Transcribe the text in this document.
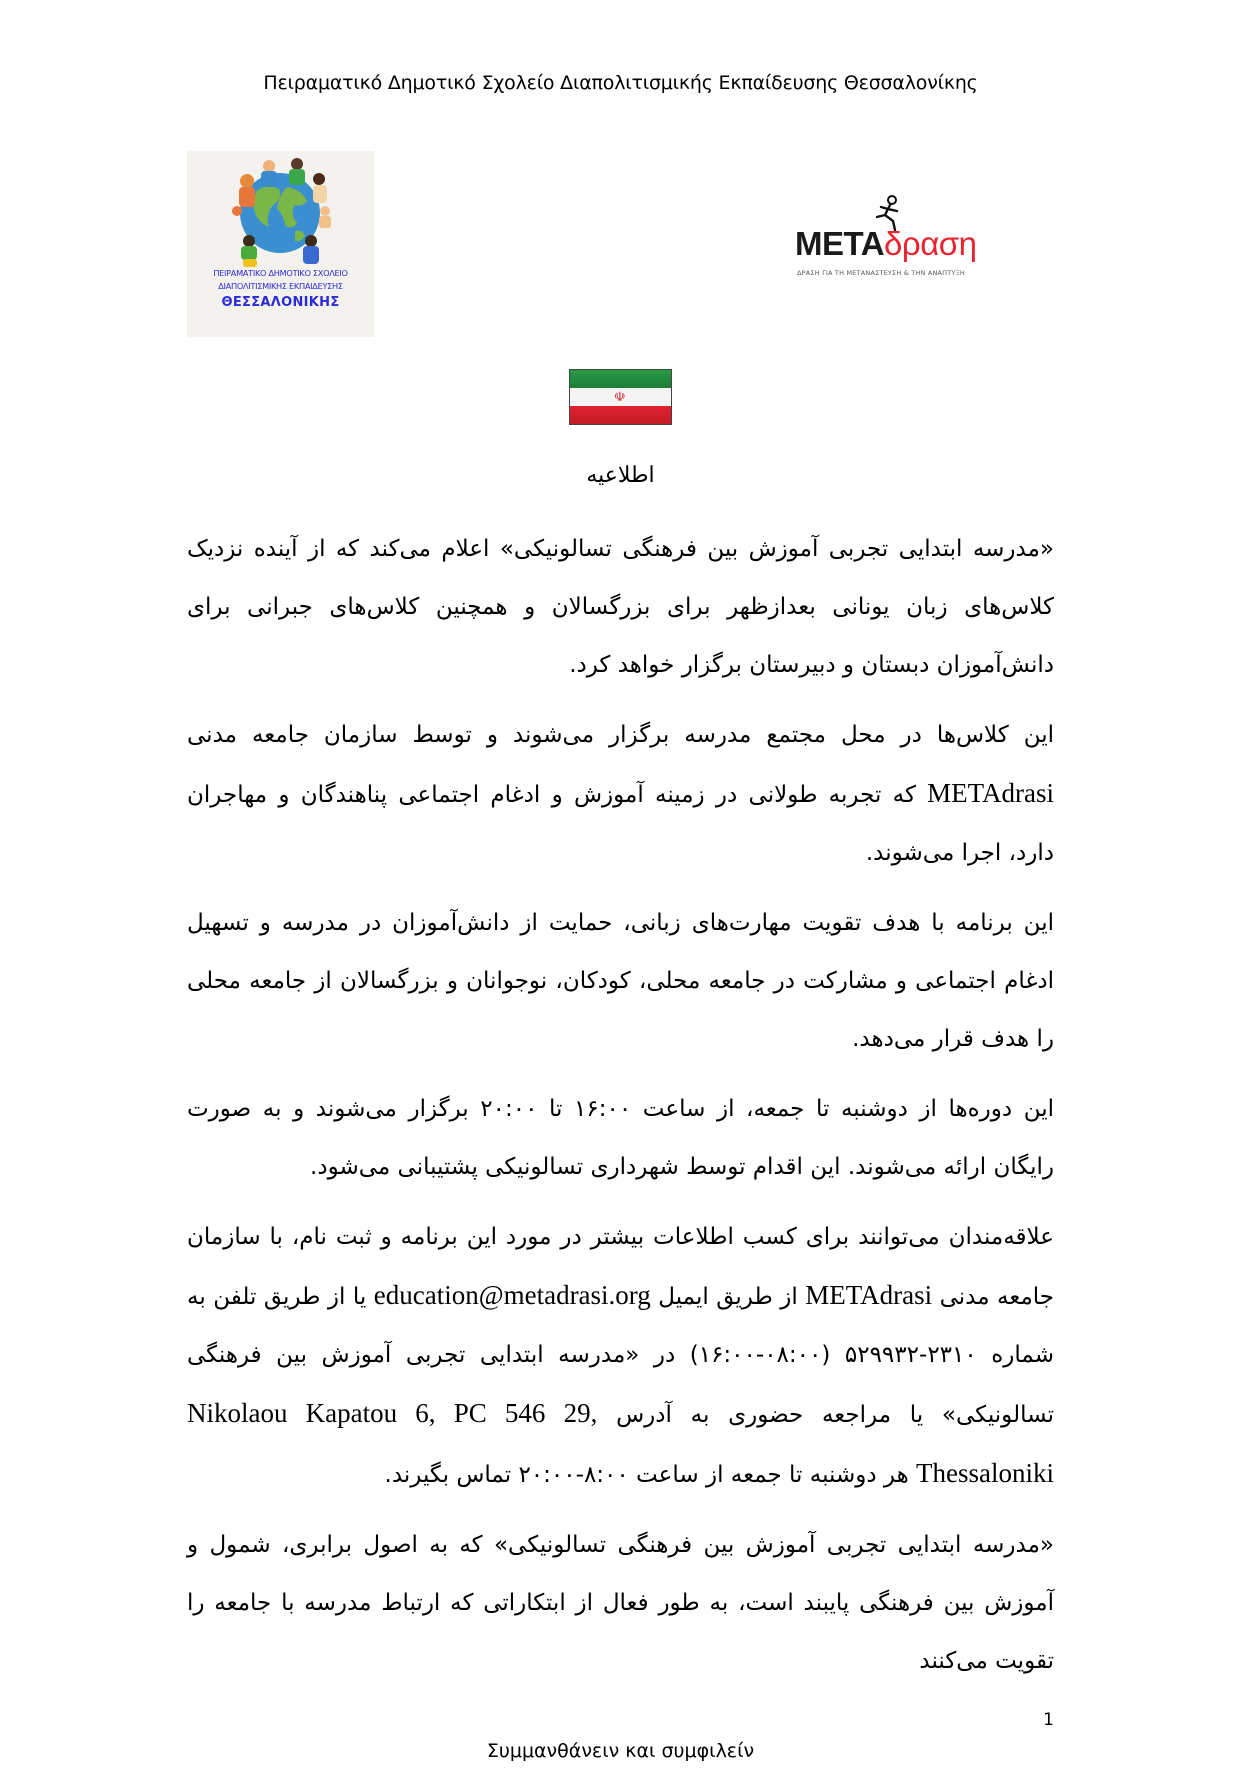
Πειραματικό Δημοτικό Σχολείο Διαπολιτισμικής Εκπαίδευσης Θεσσαλονίκης
ΠΕΙΡΑΜΑΤΙΚΟ ΔΗΜΟΤΙΚΟ ΣΧΟΛΕΙΟ
ΔΙΑΠΟΛΙΤΙΣΜΙΚΗΣ ΕΚΠΑΙΔΕΥΣΗΣ
ΘΕΣΣΑΛΟΝΙΚΗΣ
METAδραση
ΔΡΑΣΗ ΓΙΑ ΤΗ ΜΕΤΑΝΑΣΤΕΥΣΗ & ΤΗΝ ΑΝΑΠΤΥΞΗ
☫
اطلاعیه

«مدرسه ابتدایی تجربی آموزش بین فرهنگی تسالونیکی» اعلام می‌کند که از آینده نزدیک کلاس‌های زبان یونانی بعدازظهر برای بزرگسالان و همچنین کلاس‌های جبرانی برای دانش‌آموزان دبستان و دبیرستان برگزار خواهد کرد.

این کلاس‌ها در محل مجتمع مدرسه برگزار می‌شوند و توسط سازمان جامعه مدنی METAdrasi که تجربه طولانی در زمینه آموزش و ادغام اجتماعی پناهندگان و مهاجران دارد، اجرا می‌شوند.

این برنامه با هدف تقویت مهارت‌های زبانی، حمایت از دانش‌آموزان در مدرسه و تسهیل ادغام اجتماعی و مشارکت در جامعه محلی، کودکان، نوجوانان و بزرگسالان از جامعه محلی را هدف قرار می‌دهد.

این دوره‌ها از دوشنبه تا جمعه، از ساعت ۱۶:۰۰ تا ۲۰:۰۰ برگزار می‌شوند و به صورت رایگان ارائه می‌شوند. این اقدام توسط شهرداری تسالونیکی پشتیبانی می‌شود.

علاقه‌مندان می‌توانند برای کسب اطلاعات بیشتر در مورد این برنامه و ثبت نام، با سازمان جامعه مدنی METAdrasi از طریق ایمیل education@metadrasi.org یا از طریق تلفن به شماره ۲۳۱۰-۵۲۹۹۳۲ (۰۸:۰۰-۱۶:۰۰) در «مدرسه ابتدایی تجربی آموزش بین فرهنگی تسالونیکی» یا مراجعه حضوری به آدرس Nikolaou Kapatou 6, PC 546 29, Thessaloniki هر دوشنبه تا جمعه از ساعت ۸:۰۰-۲۰:۰۰ تماس بگیرند.

«مدرسه ابتدایی تجربی آموزش بین فرهنگی تسالونیکی» که به اصول برابری، شمول و آموزش بین فرهنگی پایبند است، به طور فعال از ابتکاراتی که ارتباط مدرسه با جامعه را تقویت می‌کنند

1
Συμμανθάνειν και συμφιλείν
